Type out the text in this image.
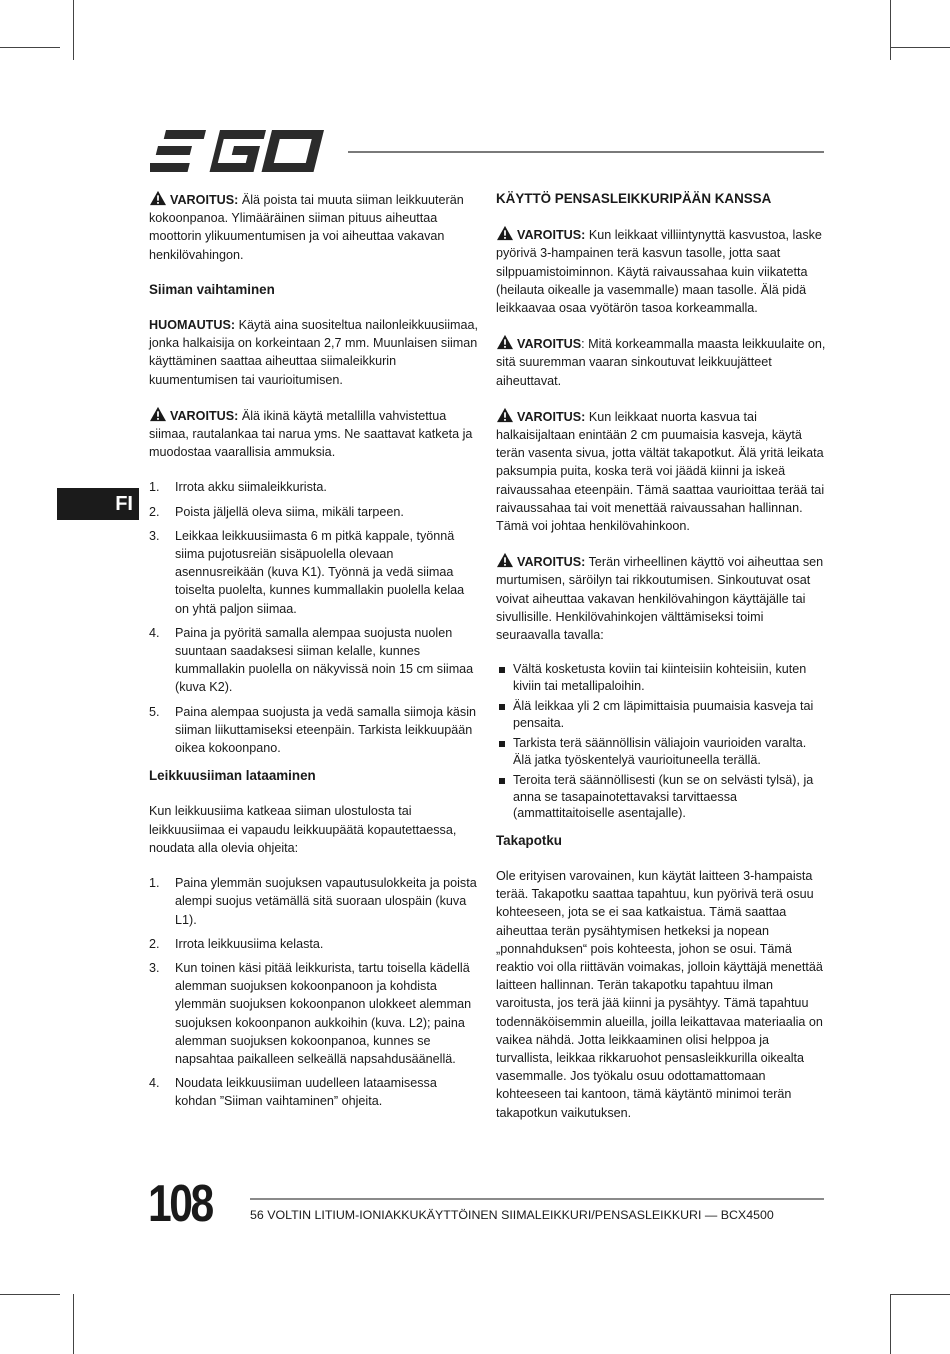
FI

VAROITUS: Älä poista tai muuta siiman leikkuuterän kokoonpanoa. Ylimääräinen siiman pituus aiheuttaa moottorin ylikuumentumisen ja voi aiheuttaa vakavan henkilövahingon.

Siiman vaihtaminen

HUOMAUTUS: Käytä aina suositeltua nailonleikkuusiimaa, jonka halkaisija on korkeintaan 2,7 mm. Muunlaisen siiman käyttäminen saattaa aiheuttaa siimaleikkurin kuumentumisen tai vaurioitumisen.

VAROITUS: Älä ikinä käytä metallilla vahvistettua siimaa, rautalankaa tai narua yms. Ne saattavat katketa ja muodostaa vaarallisia ammuksia.

1. Irrota akku siimaleikkurista.
2. Poista jäljellä oleva siima, mikäli tarpeen.
3. Leikkaa leikkuusiimasta 6 m pitkä kappale, työnnä siima pujotusreiän sisäpuolella olevaan asennusreikään (kuva K1). Työnnä ja vedä siimaa toiselta puolelta, kunnes kummallakin puolella kelaa on yhtä paljon siimaa.
4. Paina ja pyöritä samalla alempaa suojusta nuolen suuntaan saadaksesi siiman kelalle, kunnes kummallakin puolella on näkyvissä noin 15 cm siimaa (kuva K2).
5. Paina alempaa suojusta ja vedä samalla siimoja käsin siiman liikuttamiseksi eteenpäin. Tarkista leikkuupään oikea kokoonpano.
Leikkuusiiman lataaminen

Kun leikkuusiima katkeaa siiman ulostulosta tai leikkuusiimaa ei vapaudu leikkuupäätä kopautettaessa, noudata alla olevia ohjeita:

1. Paina ylemmän suojuksen vapautusulokkeita ja poista alempi suojus vetämällä sitä suoraan ulospäin (kuva L1).
2. Irrota leikkuusiima kelasta.
3. Kun toinen käsi pitää leikkurista, tartu toisella kädellä alemman suojuksen kokoonpanoon ja kohdista ylemmän suojuksen kokoonpanon ulokkeet alemman suojuksen kokoonpanon aukkoihin (kuva. L2); paina alemman suojuksen kokoonpanoa, kunnes se napsahtaa paikalleen selkeällä napsahdusäänellä.
4. Noudata leikkuusiiman uudelleen lataamisessa kohdan ”Siiman vaihtaminen” ohjeita.
KÄYTTÖ PENSASLEIKKURIPÄÄN KANSSA

VAROITUS: Kun leikkaat villiintynyttä kasvustoa, laske pyörivä 3-hampainen terä kasvun tasolle, jotta saat silppuamistoiminnon. Käytä raivaussahaa kuin viikatetta (heilauta oikealle ja vasemmalle) maan tasolle. Älä pidä leikkaavaa osaa vyötärön tasoa korkeammalla.

VAROITUS: Mitä korkeammalla maasta leikkuulaite on, sitä suuremman vaaran sinkoutuvat leikkuujätteet aiheuttavat.

VAROITUS: Kun leikkaat nuorta kasvua tai halkaisijaltaan enintään 2 cm puumaisia kasveja, käytä terän vasenta sivua, jotta vältät takapotkut. Älä yritä leikata paksumpia puita, koska terä voi jäädä kiinni ja iskeä raivaussahaa eteenpäin. Tämä saattaa vaurioittaa terää tai raivaussahaa tai voit menettää raivaussahan hallinnan. Tämä voi johtaa henkilövahinkoon.

VAROITUS: Terän virheellinen käyttö voi aiheuttaa sen murtumisen, säröilyn tai rikkoutumisen. Sinkoutuvat osat voivat aiheuttaa vakavan henkilövahingon käyttäjälle tai sivullisille. Henkilövahinkojen välttämiseksi toimi seuraavalla tavalla:

Vältä kosketusta koviin tai kiinteisiin kohteisiin, kuten kiviin tai metallipaloihin.
Älä leikkaa yli 2 cm läpimittaisia puumaisia kasveja tai pensaita.
Tarkista terä säännöllisin väliajoin vaurioiden varalta. Älä jatka työskentelyä vaurioituneella terällä.
Teroita terä säännöllisesti (kun se on selvästi tylsä), ja anna se tasapainotettavaksi tarvittaessa (ammattitaitoiselle asentajalle).
Takapotku

Ole erityisen varovainen, kun käytät laitteen 3-hampaista terää. Takapotku saattaa tapahtuu, kun pyörivä terä osuu kohteeseen, jota se ei saa katkaistua. Tämä saattaa aiheuttaa terän pysähtymisen hetkeksi ja nopean „ponnahduksen“ pois kohteesta, johon se osui. Tämä reaktio voi olla riittävän voimakas, jolloin käyttäjä menettää laitteen hallinnan. Terän takapotku tapahtuu ilman varoitusta, jos terä jää kiinni ja pysähtyy. Tämä tapahtuu todennäköisemmin alueilla, joilla leikattavaa materiaalia on vaikea nähdä. Jotta leikkaaminen olisi helppoa ja turvallista, leikkaa rikkaruohot pensasleikkurilla oikealta vasemmalle. Jos työkalu osuu odottamattomaan kohteeseen tai kantoon, tämä käytäntö minimoi terän takapotkun vaikutuksen.

108	56 VOLTIN LITIUM-IONIAKKUKÄYTTÖINEN SIIMALEIKKURI/PENSASLEIKKURI — BCX4500
